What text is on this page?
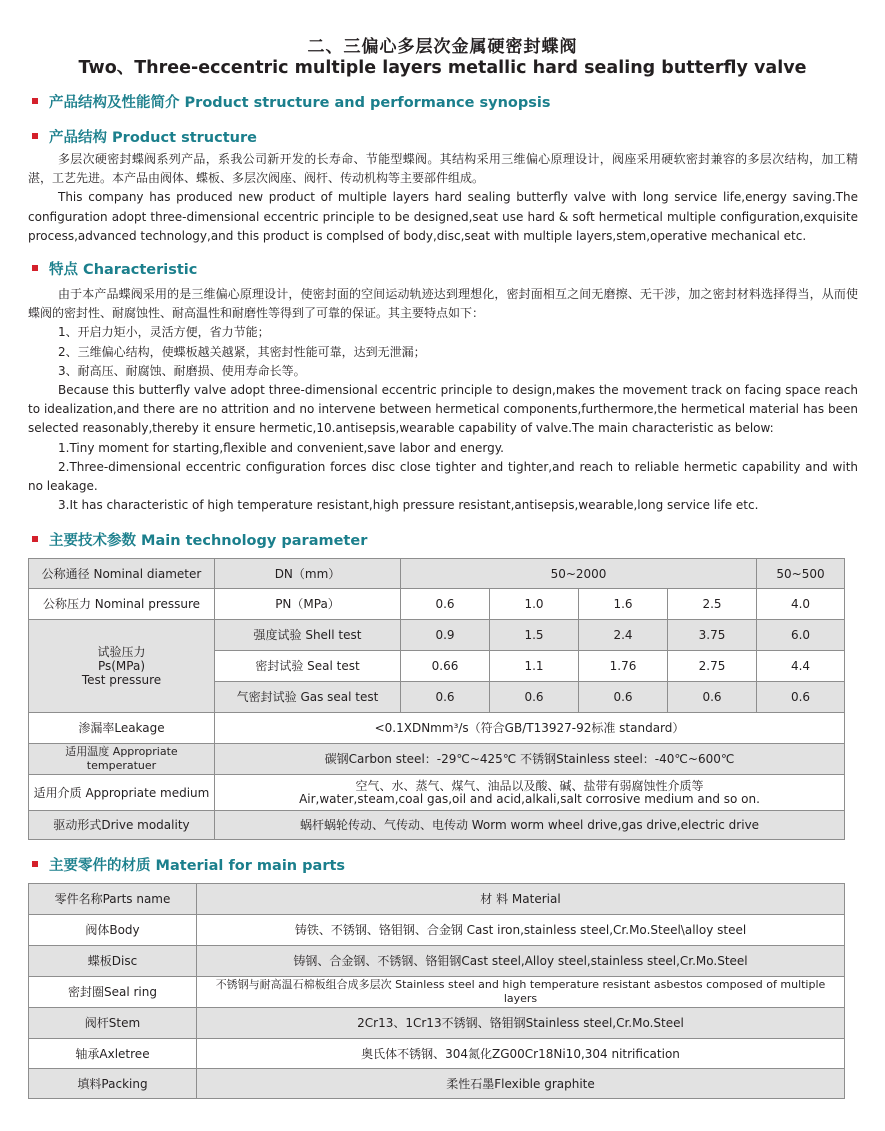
二、三偏心多层次金属硬密封蝶阀
Two、Three-eccentric multiple layers metallic hard sealing butterfly valve
产品结构及性能简介 Product structure and performance synopsis
产品结构 Product structure

多层次硬密封蝶阀系列产品，系我公司新开发的长寿命、节能型蝶阀。其结构采用三维偏心原理设计，阀座采用硬软密封兼容的多层次结构，加工精湛，工艺先进。本产品由阀体、蝶板、多层次阀座、阀杆、传动机构等主要部件组成。

This company has produced new product of multiple layers hard sealing butterfly valve with long service life,energy saving.The configuration adopt three-dimensional eccentric principle to be designed,seat use hard & soft hermetical multiple configuration,exquisite process,advanced technology,and this product is complsed of body,disc,seat with multiple layers,stem,operative mechanical etc.

特点 Characteristic

由于本产品蝶阀采用的是三维偏心原理设计，使密封面的空间运动轨迹达到理想化，密封面相互之间无磨擦、无干涉，加之密封材料选择得当，从而使蝶阀的密封性、耐腐蚀性、耐高温性和耐磨性等得到了可靠的保证。其主要特点如下：

1、开启力矩小，灵活方便，省力节能；

2、三维偏心结构，使蝶板越关越紧，其密封性能可靠，达到无泄漏；

3、耐高压、耐腐蚀、耐磨损、使用寿命长等。

Because this butterfly valve adopt three-dimensional eccentric principle to design,makes the movement track on facing space reach to idealization,and there are no attrition and no intervene between hermetical components,furthermore,the hermetical material has been selected reasonably,thereby it ensure hermetic,10.antisepsis,wearable capability of valve.The main characteristic as below:

1.Tiny moment for starting,flexible and convenient,save labor and energy.

2.Three-dimensional eccentric configuration forces disc close tighter and tighter,and reach to reliable hermetic capability and with no leakage.

3.It has characteristic of high temperature resistant,high pressure resistant,antisepsis,wearable,long service life etc.

主要技术参数 Main technology parameter
公称通径 Nominal diameter	DN（mm）	50~2000				50~500
公称压力 Nominal pressure	PN（MPa）	0.6	1.0	1.6	2.5	4.0

试验压力
Ps(MPa)
Test pressure	强度试验 Shell test	0.9	1.5	2.4	3.75	6.0
	密封试验 Seal test	0.66	1.1	1.76	2.75	4.4
	气密封试验 Gas seal test	0.6	0.6	0.6	0.6	0.6
渗漏率Leakage	<0.1XDNmm³/s（符合GB/T13927-92标准 standard）					
适用温度 Appropriate temperatuer	碳钢Carbon steel：-29℃~425℃ 不锈钢Stainless steel：-40℃~600℃					
适用介质 Appropriate medium	空气、水、蒸气、煤气、油品以及酸、碱、盐带有弱腐蚀性介质等
Air,water,steam,coal gas,oil and acid,alkali,salt corrosive medium and so on.					

驱动形式Drive modality	蜗杆蜗轮传动、气传动、电传动 Worm worm wheel drive,gas drive,electric drive					
主要零件的材质 Material for main parts
零件名称Parts name	材 料 Material
阀体Body	铸铁、不锈钢、铬钼钢、合金钢 Cast iron,stainless steel,Cr.Mo.Steel\alloy steel
蝶板Disc	铸钢、合金钢、不锈钢、铬钼钢Cast steel,Alloy steel,stainless steel,Cr.Mo.Steel
密封圈Seal ring	不锈钢与耐高温石棉板组合成多层次 Stainless steel and high temperature resistant asbestos composed of multiple layers
阀杆Stem	2Cr13、1Cr13不锈钢、铬钼钢Stainless steel,Cr.Mo.Steel
轴承Axletree	奥氏体不锈钢、304氮化ZG00Cr18Ni10,304 nitrification
填料Packing	柔性石墨Flexible graphite
